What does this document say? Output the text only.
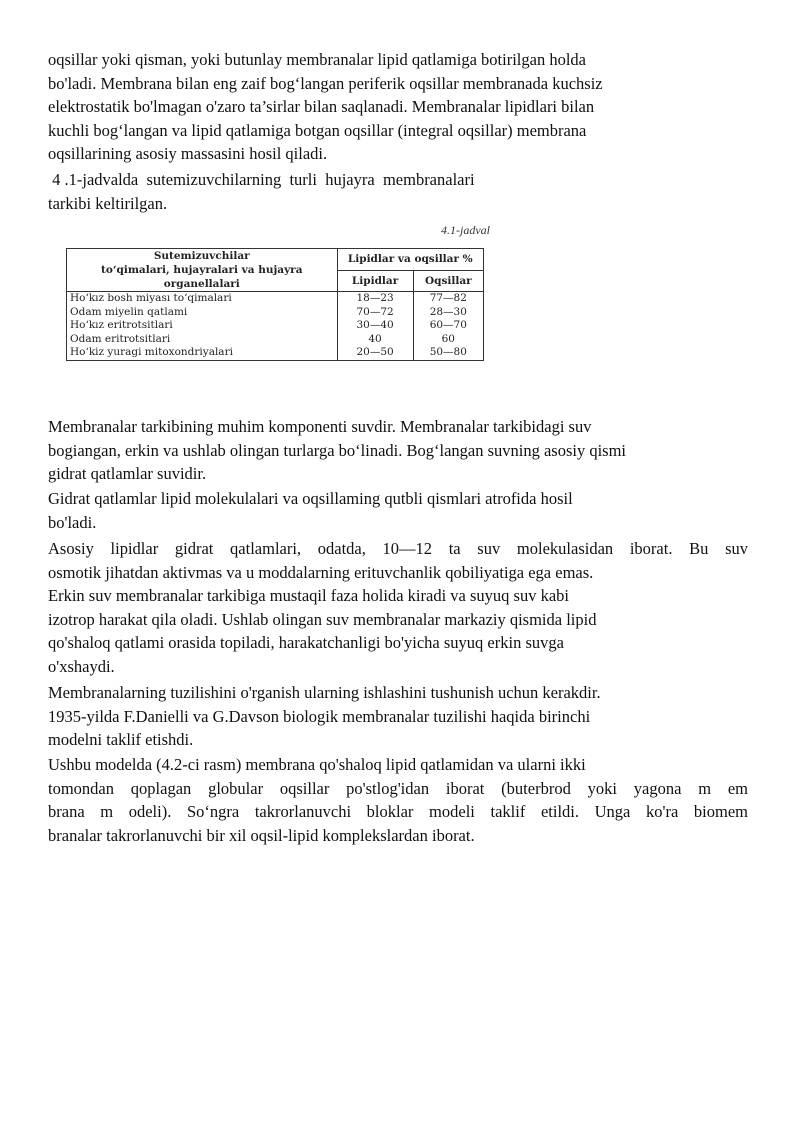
oqsillar yoki qisman, yoki butunlay membranalar lipid qatlamiga botirilgan holda
bo'ladi. Membrana bilan eng zaif bog‘langan periferik oqsillar membranada kuchsiz
elektrostatik bo'lmagan o'zaro ta’sirlar bilan saqlanadi. Membranalar lipidlari bilan
kuchli bog‘langan va lipid qatlamiga botgan oqsillar (integral oqsillar) membrana
oqsillarining asosiy massasini hosil qiladi.

4 .1-jadvalda  sutemizuvchilarning  turli  hujayra  membranalari
tarkibi keltirilgan.

4.1-jadval
Sutemizuvchilar
to‘qimalari, hujayralari va hujayra organellalari	Lipidlar va oqsillar %	
	Lipidlar	Oqsillar
Ho‘kız bosh miyası to‘qimalari	18—23	77—82
Odam miyelin qatlami	70—72	28—30
Ho‘kız eritrotsitlari	30—40	60—70
Odam eritrotsitlari	40	60
Ho‘kiz yuragi mitoxondriyalari	20—50	50—80

Membranalar tarkibining muhim komponenti suvdir. Membranalar tarkibidagi suv
bogiangan, erkin va ushlab olingan turlarga bo‘linadi. Bog‘langan suvning asosiy qismi
gidrat qatlamlar suvidir.

Gidrat qatlamlar lipid molekulalari va oqsillaming qutbli qismlari atrofida hosil
bo'ladi.

Asosiy lipidlar gidrat qatlamlari, odatda, 10—12 ta suv molekulasidan iborat. Bu suv
osmotik jihatdan aktivmas va u moddalarning erituvchanlik qobiliyatiga ega emas.

Erkin suv membranalar tarkibiga mustaqil faza holida kiradi va suyuq suv kabi
izotrop harakat qila oladi. Ushlab olingan suv membranalar markaziy qismida lipid
qo'shaloq qatlami orasida topiladi, harakatchanligi bo'yicha suyuq erkin suvga
o'xshaydi.

Membranalarning tuzilishini o'rganish ularning ishlashini tushunish uchun kerakdir.
1935-yilda F.Danielli va G.Davson biologik membranalar tuzilishi haqida birinchi
modelni taklif etishdi.

Ushbu modelda (4.2-ci rasm) membrana qo'shaloq lipid qatlamidan va ularni ikki
tomondan qoplagan globular oqsillar po'stlog'idan iborat (buterbrod yoki yagona m em
brana m odeli). So‘ngra takrorlanuvchi bloklar modeli taklif etildi. Unga ko'ra biomem
branalar takrorlanuvchi bir xil oqsil-lipid komplekslardan iborat.
